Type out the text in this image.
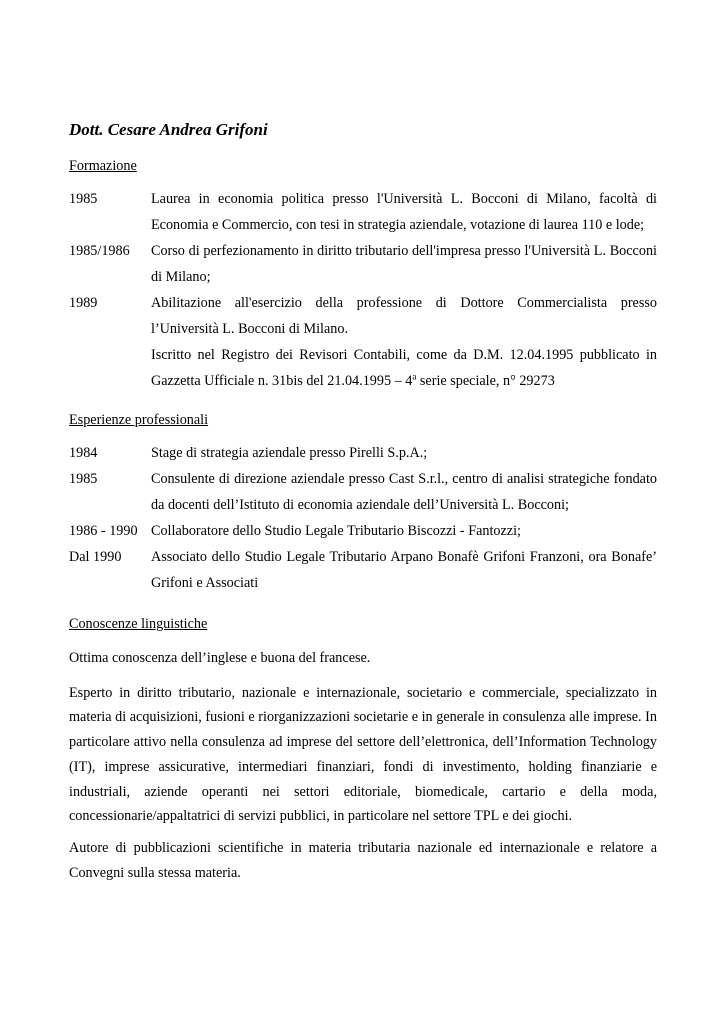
Dott. Cesare Andrea Grifoni
Formazione
1985	Laurea in economia politica presso l'Università L. Bocconi di Milano, facoltà di Economia e Commercio, con tesi in strategia aziendale, votazione di laurea 110 e lode;
1985/1986	Corso di perfezionamento in diritto tributario dell'impresa presso l'Università L. Bocconi di Milano;
1989	Abilitazione all'esercizio della professione di Dottore Commercialista presso l’Università L. Bocconi di Milano.
Iscritto nel Registro dei Revisori Contabili, come da D.M. 12.04.1995 pubblicato in Gazzetta Ufficiale n. 31bis del 21.04.1995 – 4$^a$ serie speciale, n° 29273
Esperienze professionali
1984	Stage di strategia aziendale presso Pirelli S.p.A.;
1985	Consulente di direzione aziendale presso Cast S.r.l., centro di analisi strategiche fondato da docenti dell’Istituto di economia aziendale dell’Università L. Bocconi;
1986 - 1990 Collaboratore dello Studio Legale Tributario Biscozzi - Fantozzi;
Dal 1990	Associato dello Studio Legale Tributario Arpano Bonafè Grifoni Franzoni, ora Bonafe’ Grifoni e Associati
Conoscenze linguistiche

Ottima conoscenza dell’inglese e buona del francese.

Esperto in diritto tributario, nazionale e internazionale, societario e commerciale, specializzato in materia di acquisizioni, fusioni e riorganizzazioni societarie e in generale in consulenza alle imprese. In particolare attivo nella consulenza ad imprese del settore dell’elettronica, dell’Information Technology (IT), imprese assicurative, intermediari finanziari, fondi di investimento, holding finanziarie e industriali, aziende operanti nei settori editoriale, biomedicale, cartario e della moda, concessionarie/appaltatrici di servizi pubblici, in particolare nel settore TPL e dei giochi.

Autore di pubblicazioni scientifiche in materia tributaria nazionale ed internazionale e relatore a Convegni sulla stessa materia.
